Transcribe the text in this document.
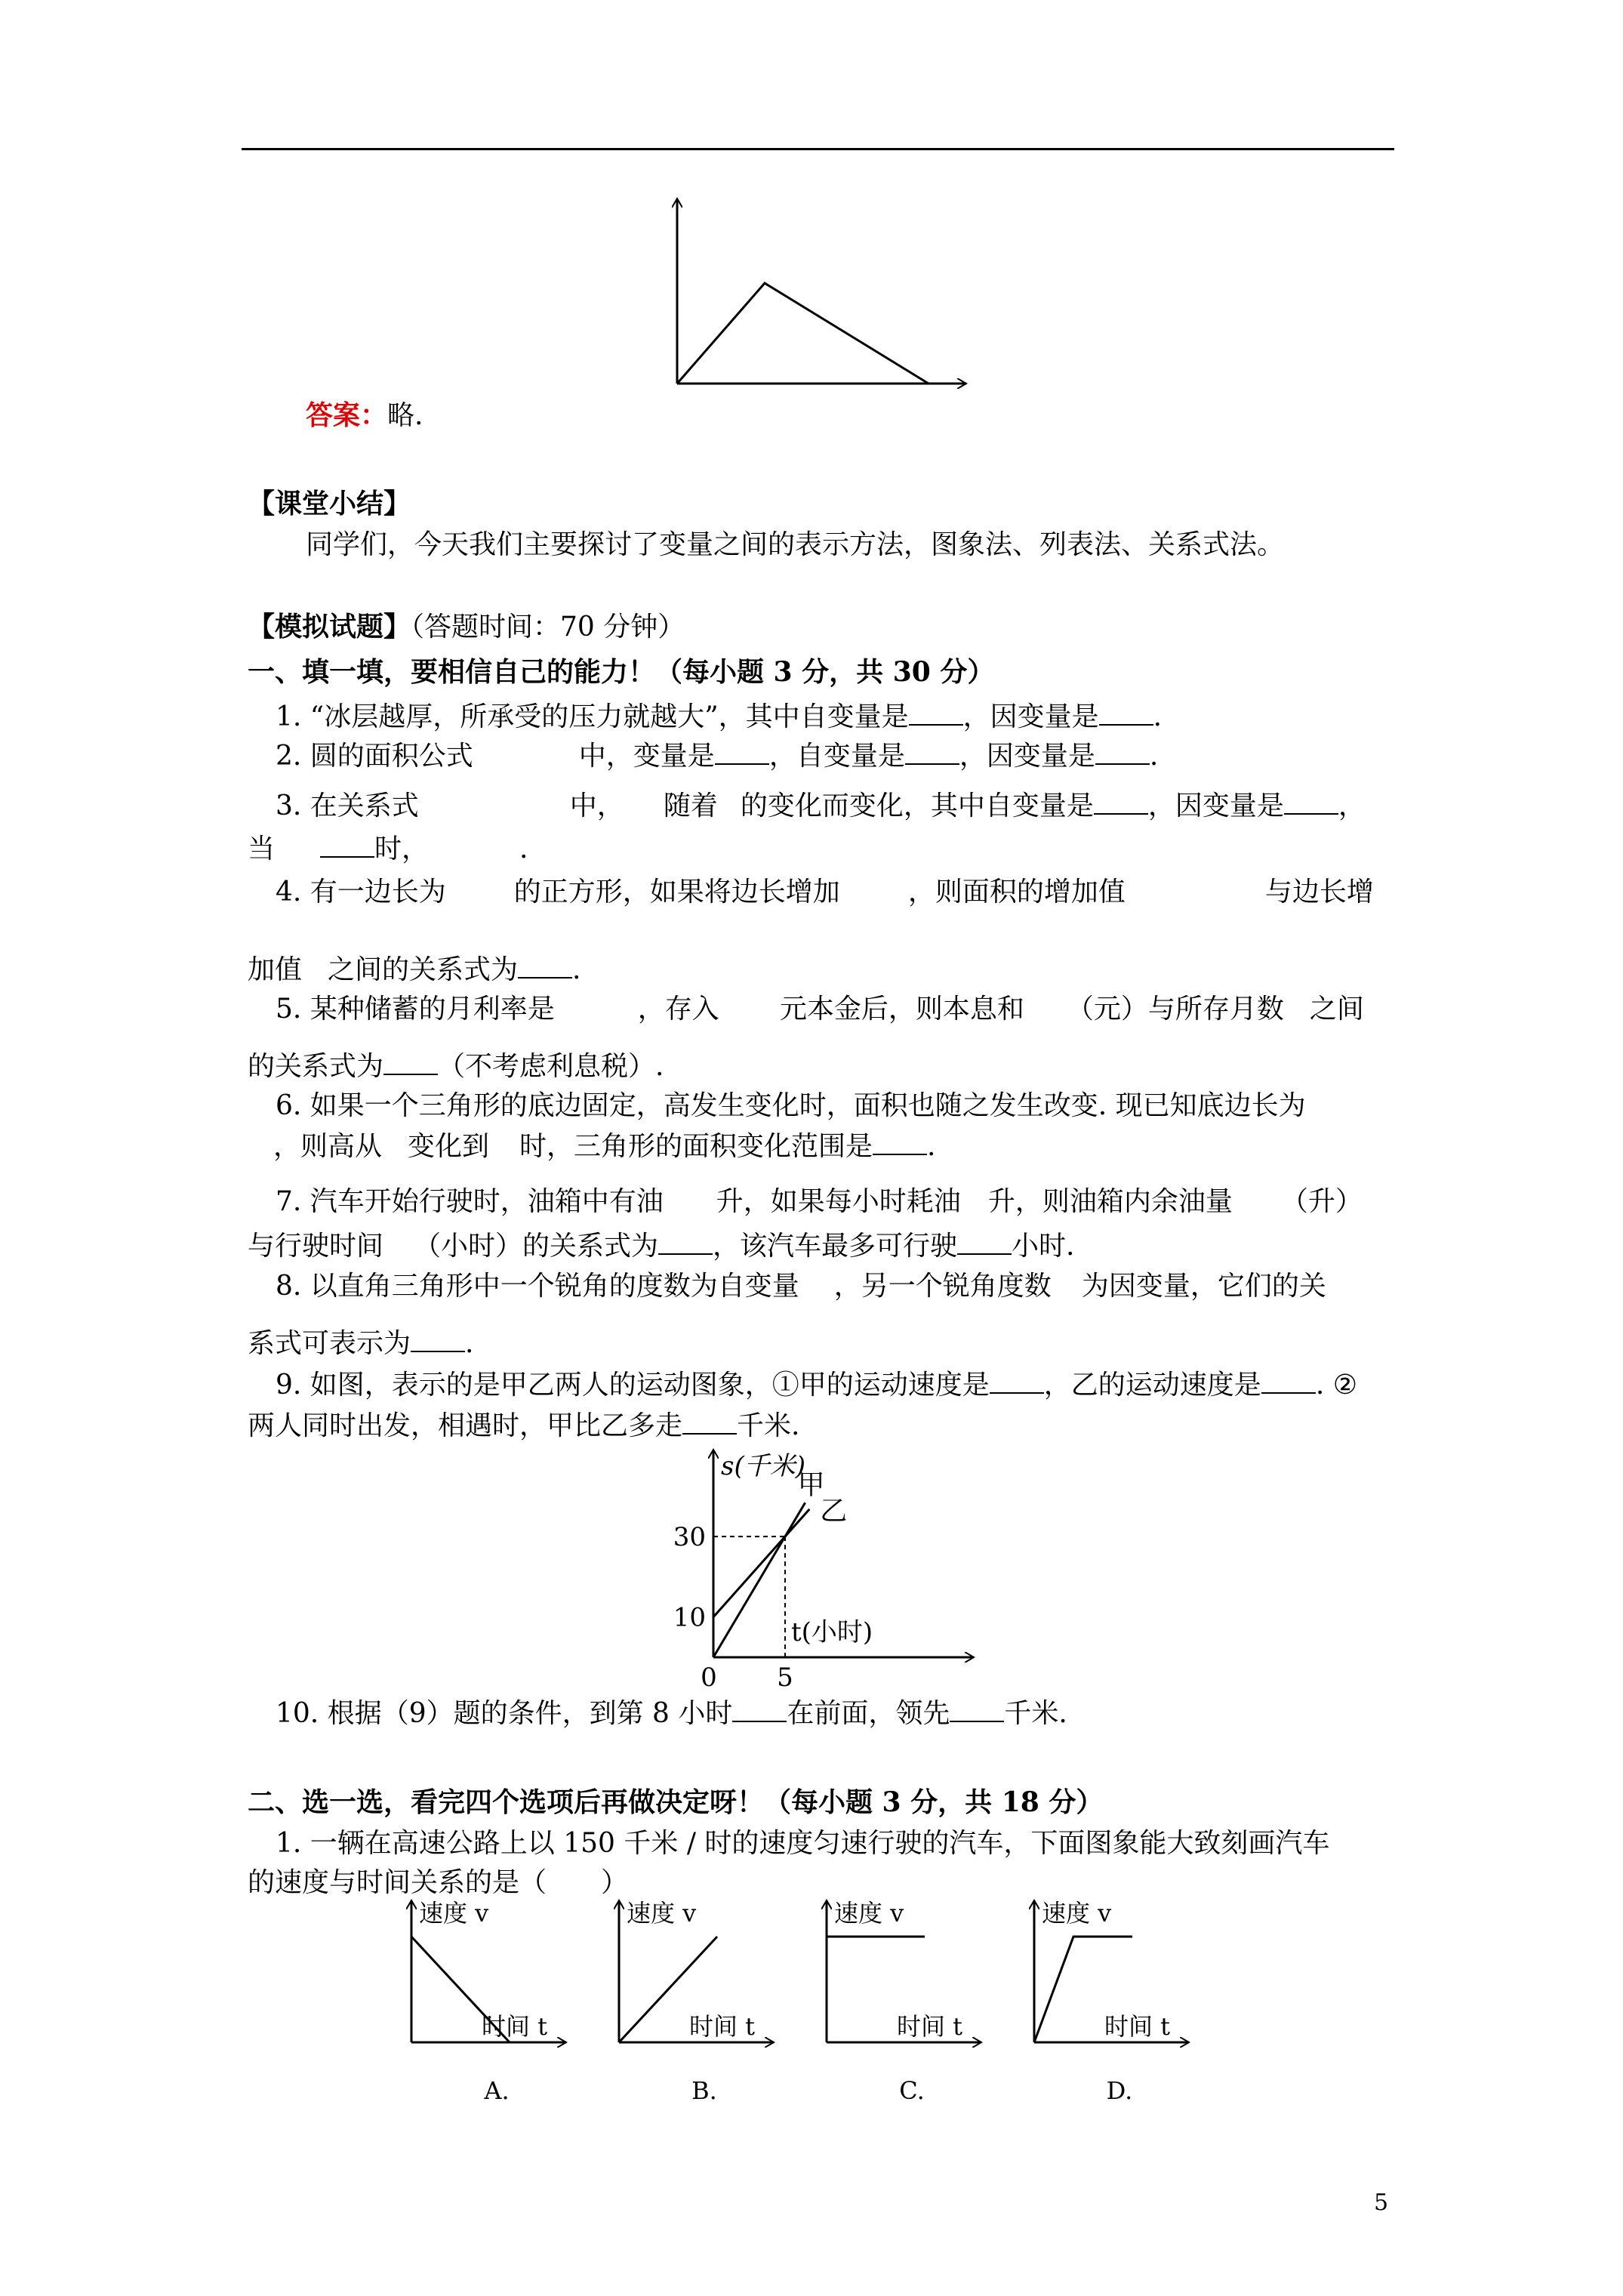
答案：略.
【课堂小结】
同学们，今天我们主要探讨了变量之间的表示方法，图象法、列表法、关系式法。
【模拟试题】（答题时间：70 分钟）
一、填一填，要相信自己的能力！（每小题 3 分，共 30 分）
1. “冰层越厚，所承受的压力就越大”，其中自变量是 ，因变量是 .
2. 圆的面积公式	中，变量是 ，自变量是 ，因变量是 .
3. 在关系式	中， 随着 的变化而变化，其中自变量是 ，因变量是 ，
当	时，	.
4. 有一边长为	的正方形，如果将边长增加	，则面积的增加值	与边长增
加值 之间的关系式为 .
5. 某种储蓄的月利率是	，存入 元本金后，则本息和 （元）与所存月数 之间
的关系式为 （不考虑利息税）.
6. 如果一个三角形的底边固定，高发生变化时，面积也随之发生改变. 现已知底边长为
，则高从 变化到 时，三角形的面积变化范围是 .
7. 汽车开始行驶时，油箱中有油 升，如果每小时耗油 升，则油箱内余油量 （升）
与行驶时间 （小时）的关系式为 ，该汽车最多可行驶 小时.
8. 以直角三角形中一个锐角的度数为自变量 ，另一个锐角度数 为因变量，它们的关
系式可表示为 .
9. 如图，表示的是甲乙两人的运动图象，①甲的运动速度是 ，乙的运动速度是 . ②
两人同时出发，相遇时，甲比乙多走 千米.
甲
乙
s(千米)
t(小时)
30
10
0 5
10. 根据（9）题的条件，到第 8 小时 在前面，领先 千米.
二、选一选，看完四个选项后再做决定呀！（每小题 3 分，共 18 分）
1. 一辆在高速公路上以 150 千米 / 时的速度匀速行驶的汽车，下面图象能大致刻画汽车
的速度与时间关系的是（　　）
速度 v
时间 t
A.
速度 v
时间 t
B.
速度 v
时间 t
C.
速度 v
时间 t
D.
5
